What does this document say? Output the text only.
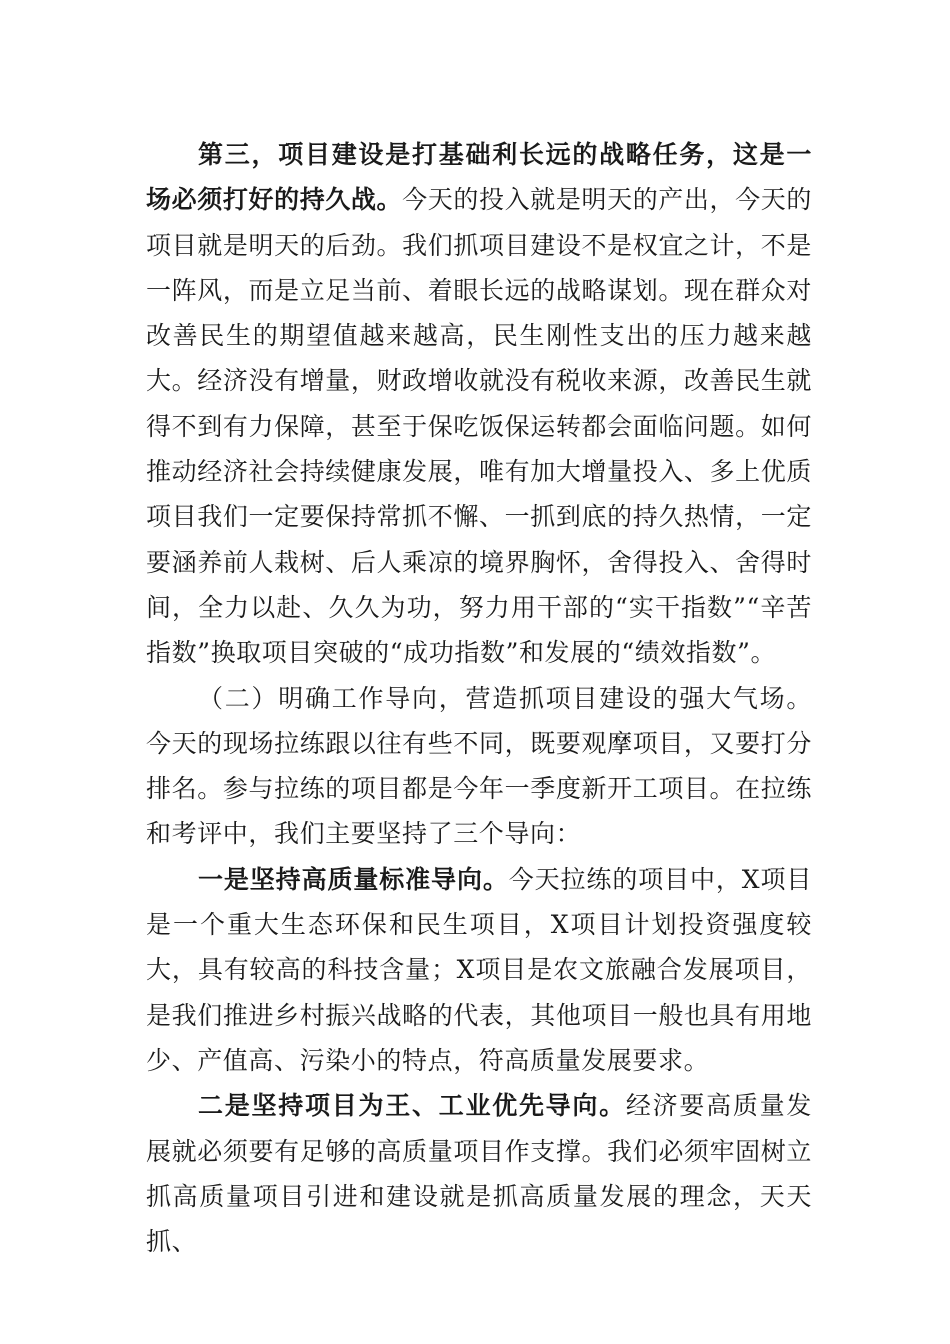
第三，项目建设是打基础利长远的战略任务，这是一场必须打好的持久战。今天的投入就是明天的产出，今天的项目就是明天的后劲。我们抓项目建设不是权宜之计，不是一阵风，而是立足当前、着眼长远的战略谋划。现在群众对改善民生的期望值越来越高，民生刚性支出的压力越来越大。经济没有增量，财政增收就没有税收来源，改善民生就得不到有力保障，甚至于保吃饭保运转都会面临问题。如何推动经济社会持续健康发展，唯有加大增量投入、多上优质项目我们一定要保持常抓不懈、一抓到底的持久热情，一定要涵养前人栽树、后人乘凉的境界胸怀，舍得投入、舍得时间，全力以赴、久久为功，努力用干部的“实干指数”“辛苦指数”换取项目突破的“成功指数”和发展的“绩效指数”。

（二）明确工作导向，营造抓项目建设的强大气场。今天的现场拉练跟以往有些不同，既要观摩项目，又要打分排名。参与拉练的项目都是今年一季度新开工项目。在拉练和考评中，我们主要坚持了三个导向：

一是坚持高质量标准导向。今天拉练的项目中，X项目是一个重大生态环保和民生项目，X项目计划投资强度较大，具有较高的科技含量；X项目是农文旅融合发展项目，是我们推进乡村振兴战略的代表，其他项目一般也具有用地少、产值高、污染小的特点，符高质量发展要求。

二是坚持项目为王、工业优先导向。经济要高质量发展就必须要有足够的高质量项目作支撑。我们必须牢固树立抓高质量项目引进和建设就是抓高质量发展的理念，天天抓、
